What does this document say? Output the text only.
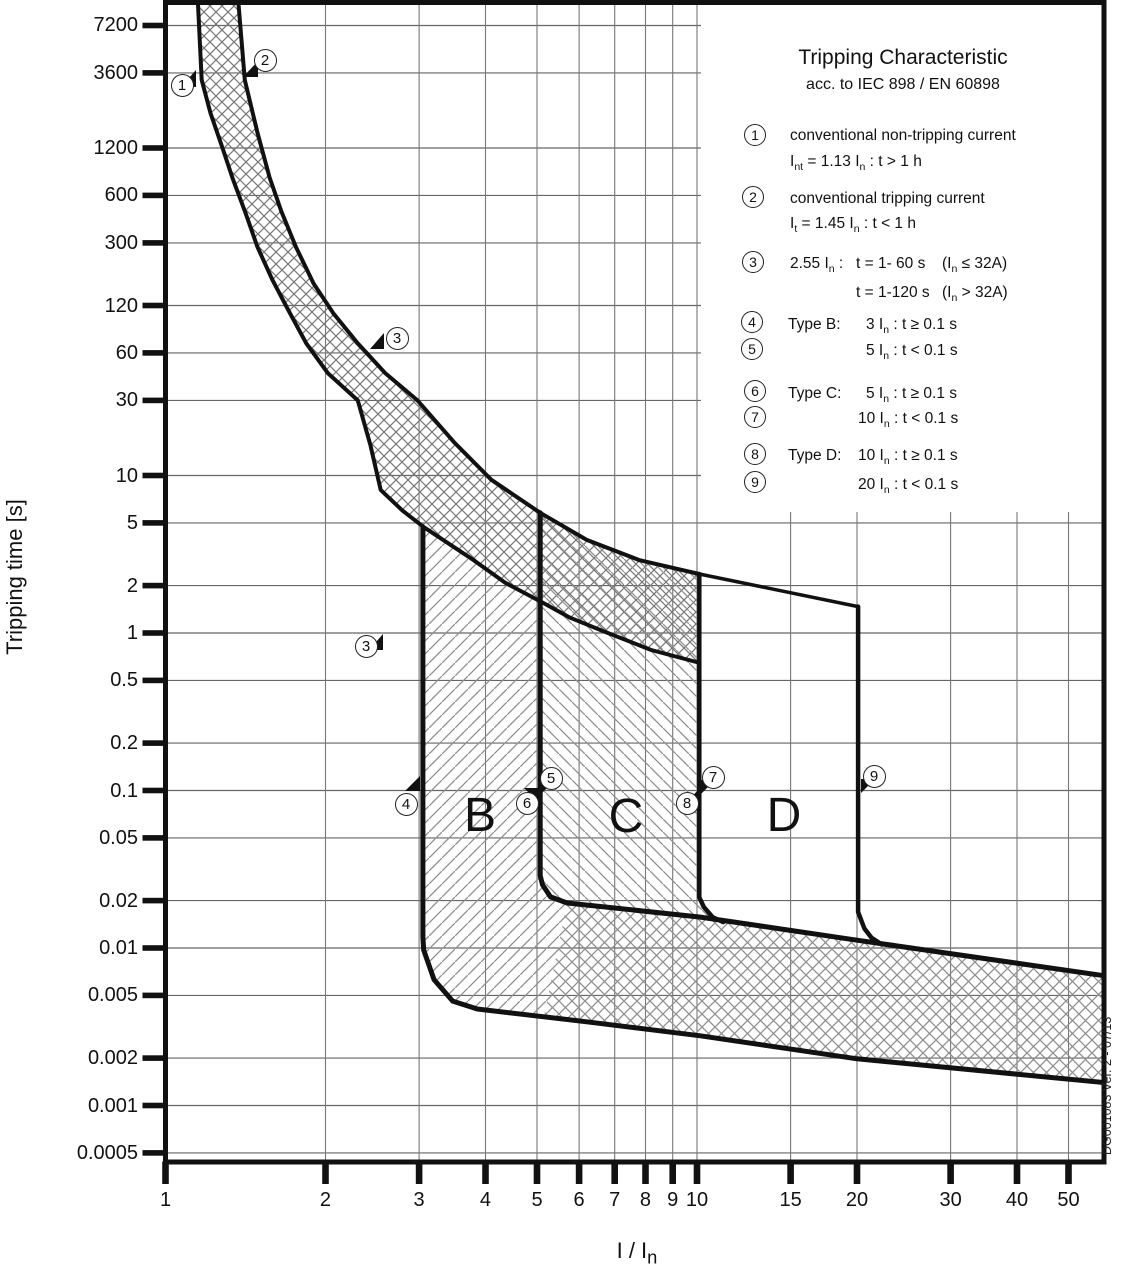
Tripping Characteristic
acc. to IEC 898 / EN 60898
1	conventional non-tripping current
$I_{nt} = 1.13$ $I_n$ : t > 1 h
2	conventional tripping current
$I_t = 1.45$ $I_n$ : t < 1 h
3	2.55 $I_n$ : t = 1- 60 s $(I_n \le 32A)$
t = 1-120 s $(I_n > 32A)$
4	Type B: 3 $I_n$ : t ≥ 0.1 s
5	5 $I_n$ : t < 0.1 s
6	Type C: 5 $I_n$ : t ≥ 0.1 s
7	10 $I_n$ : t < 0.1 s
8	Type D: 10 $I_n$ : t ≥ 0.1 s
9	20 $I_n$ : t < 0.1 s
7200
3600
1200
600
300
120
60
30
10
5
2
1
0.5
0.2
0.1
0.05
0.02
0.01
0.005
0.002
0.001
0.0005
1	2	3	4	5	6	7 8 9 10	15	20	30	40	50
1
2
3
3
4
5
6
7
8
9
B	C	D
Tripping time [s]
I / $I_n$
DG001083 Ver. 2 - 07/13
